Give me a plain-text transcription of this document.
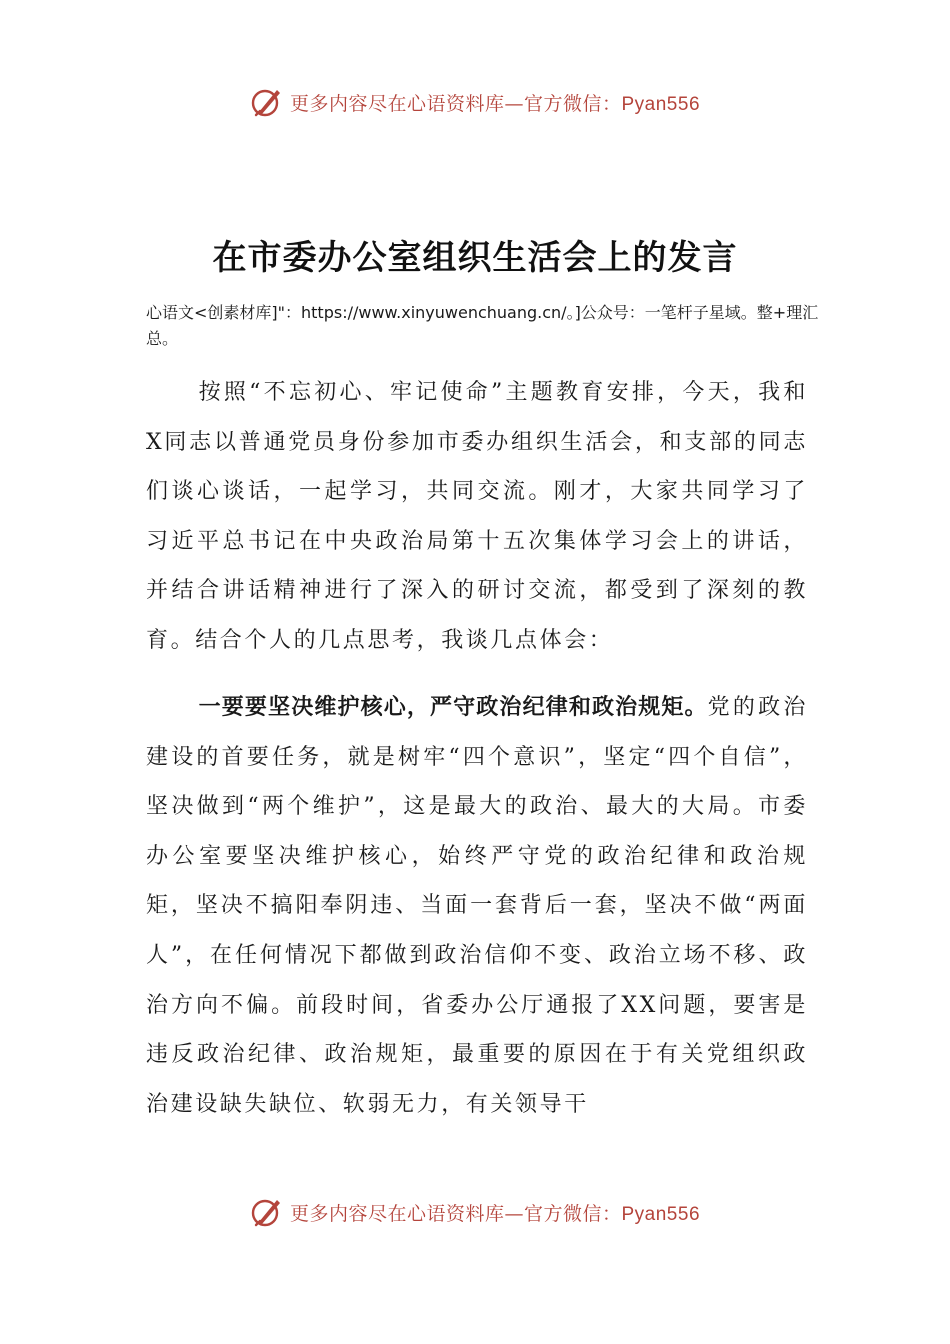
更多内容尽在心语资料库—官方微信：Pyan556
在市委办公室组织生活会上的发言
心语文<创素材库]"：https://www.xinyuwenchuang.cn/。]公众号：一笔杆子星域。整+理汇总。
按照“不忘初心、牢记使命”主题教育安排，今天，我和X同志以普通党员身份参加市委办组织生活会，和支部的同志们谈心谈话，一起学习，共同交流。刚才，大家共同学习了习近平总书记在中央政治局第十五次集体学习会上的讲话，并结合讲话精神进行了深入的研讨交流，都受到了深刻的教育。结合个人的几点思考，我谈几点体会：
一要要坚决维护核心，严守政治纪律和政治规矩。党的政治建设的首要任务，就是树牢“四个意识”，坚定“四个自信”，坚决做到“两个维护”，这是最大的政治、最大的大局。市委办公室要坚决维护核心，始终严守党的政治纪律和政治规矩，坚决不搞阳奉阴违、当面一套背后一套，坚决不做“两面人”，在任何情况下都做到政治信仰不变、政治立场不移、政治方向不偏。前段时间，省委办公厅通报了XX问题，要害是违反政治纪律、政治规矩，最重要的原因在于有关党组织政治建设缺失缺位、软弱无力，有关领导干
更多内容尽在心语资料库—官方微信：Pyan556
